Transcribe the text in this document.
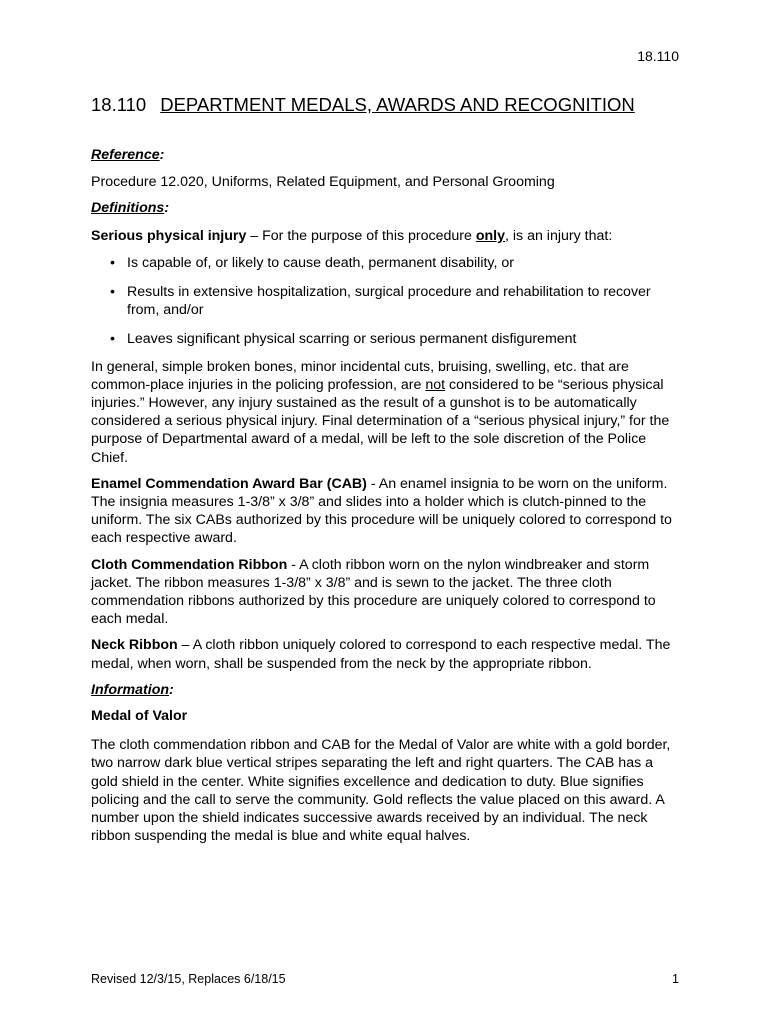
18.110
18.110 DEPARTMENT MEDALS, AWARDS AND RECOGNITION

Reference:

Procedure 12.020, Uniforms, Related Equipment, and Personal Grooming

Definitions:

Serious physical injury – For the purpose of this procedure only, is an injury that:

• Is capable of, or likely to cause death, permanent disability, or
• Results in extensive hospitalization, surgical procedure and rehabilitation to recover from, and/or
• Leaves significant physical scarring or serious permanent disfigurement

In general, simple broken bones, minor incidental cuts, bruising, swelling, etc. that are common-place injuries in the policing profession, are not considered to be “serious physical injuries.” However, any injury sustained as the result of a gunshot is to be automatically considered a serious physical injury. Final determination of a “serious physical injury,” for the purpose of Departmental award of a medal, will be left to the sole discretion of the Police Chief.

Enamel Commendation Award Bar (CAB) - An enamel insignia to be worn on the uniform. The insignia measures 1-3/8” x 3/8” and slides into a holder which is clutch-pinned to the uniform. The six CABs authorized by this procedure will be uniquely colored to correspond to each respective award.

Cloth Commendation Ribbon - A cloth ribbon worn on the nylon windbreaker and storm jacket. The ribbon measures 1-3/8” x 3/8” and is sewn to the jacket. The three cloth commendation ribbons authorized by this procedure are uniquely colored to correspond to each medal.

Neck Ribbon – A cloth ribbon uniquely colored to correspond to each respective medal. The medal, when worn, shall be suspended from the neck by the appropriate ribbon.

Information:

Medal of Valor

The cloth commendation ribbon and CAB for the Medal of Valor are white with a gold border, two narrow dark blue vertical stripes separating the left and right quarters. The CAB has a gold shield in the center. White signifies excellence and dedication to duty. Blue signifies policing and the call to serve the community. Gold reflects the value placed on this award. A number upon the shield indicates successive awards received by an individual. The neck ribbon suspending the medal is blue and white equal halves.

Revised 12/3/15, Replaces 6/18/15	1
